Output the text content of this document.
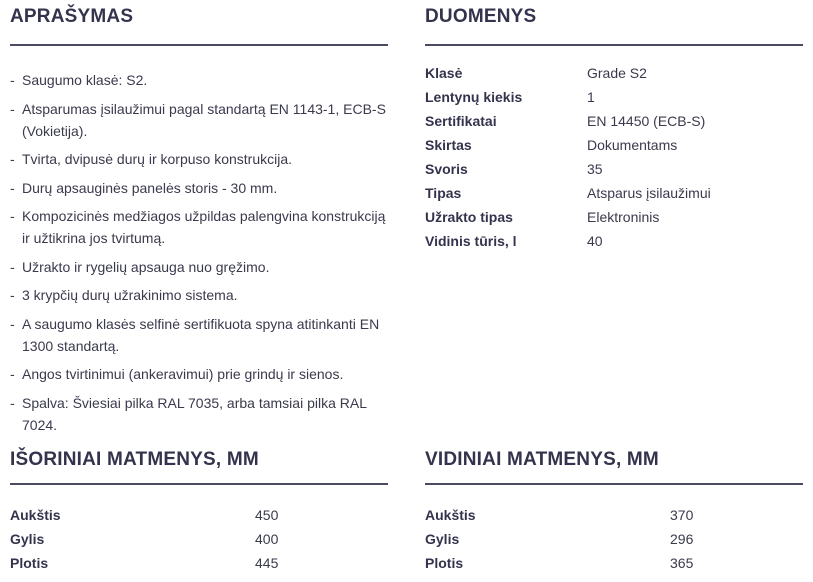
APRAŠYMAS
- Saugumo klasė: S2.
- Atsparumas įsilaužimui pagal standartą EN 1143-1, ECB-S (Vokietija).
- Tvirta, dvipusė durų ir korpuso konstrukcija.
- Durų apsauginės panelės storis - 30 mm.
- Kompozicinės medžiagos užpildas palengvina konstrukciją ir užtikrina jos tvirtumą.
- Užrakto ir rygelių apsauga nuo gręžimo.
- 3 krypčių durų užrakinimo sistema.
- A saugumo klasės selfinė sertifikuota spyna atitinkanti EN 1300 standartą.
- Angos tvirtinimui (ankeravimui) prie grindų ir sienos.
- Spalva: Šviesiai pilka RAL 7035, arba tamsiai pilka RAL 7024.
DUOMENYS
Klasė	Grade S2
Lentynų kiekis	1
Sertifikatai	EN 14450 (ECB-S)
Skirtas	Dokumentams
Svoris	35
Tipas	Atsparus įsilaužimui
Užrakto tipas	Elektroninis
Vidinis tūris, l	40
IŠORINIAI MATMENYS, MM
Aukštis	450
Gylis	400
Plotis	445
VIDINIAI MATMENYS, MM
Aukštis	370
Gylis	296
Plotis	365
